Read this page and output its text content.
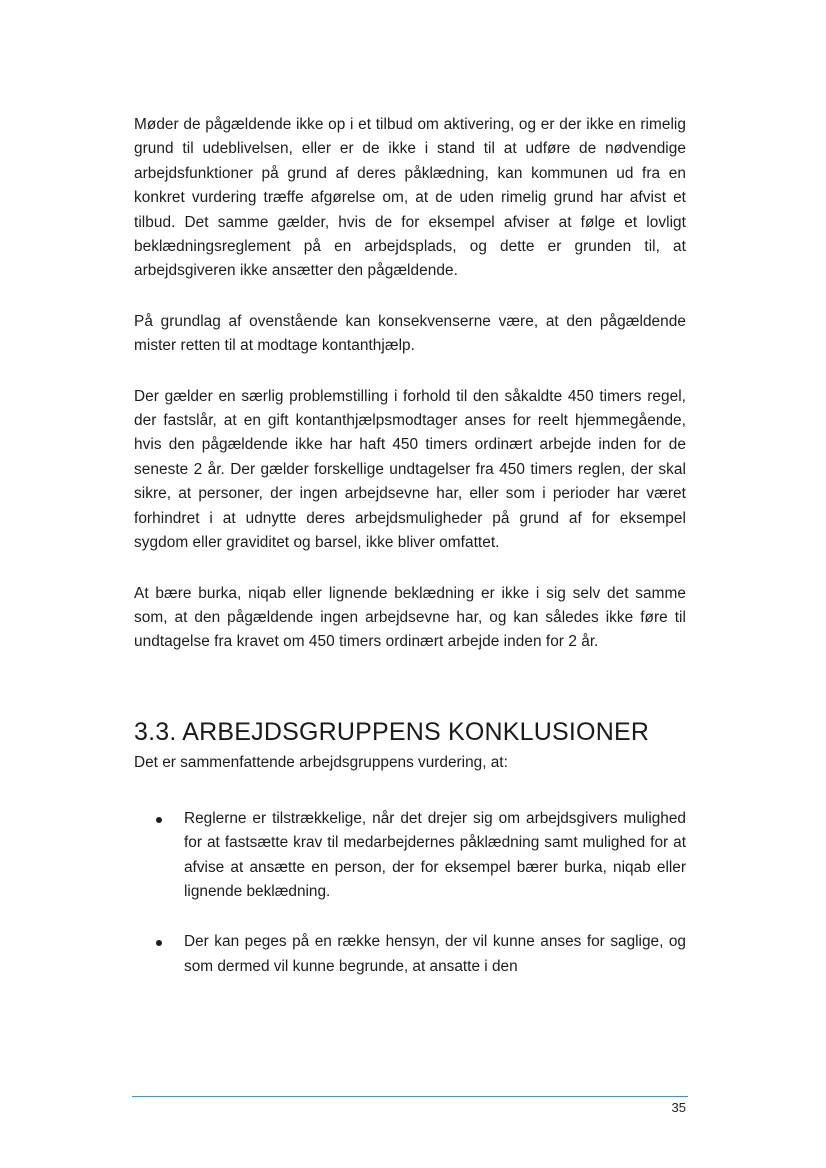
Møder de pågældende ikke op i et tilbud om aktivering, og er der ikke en rimelig grund til udeblivelsen, eller er de ikke i stand til at udføre de nødvendige arbejdsfunktioner på grund af deres påklædning, kan kommunen ud fra en konkret vurdering træffe afgørelse om, at de uden rimelig grund har afvist et tilbud. Det samme gælder, hvis de for eksempel afviser at følge et lovligt beklædningsreglement på en arbejdsplads, og dette er grunden til, at arbejdsgiveren ikke ansætter den pågældende.

På grundlag af ovenstående kan konsekvenserne være, at den pågældende mister retten til at modtage kontanthjælp.

Der gælder en særlig problemstilling i forhold til den såkaldte 450 timers regel, der fastslår, at en gift kontanthjælpsmodtager anses for reelt hjemmegående, hvis den pågældende ikke har haft 450 timers ordinært arbejde inden for de seneste 2 år. Der gælder forskellige undtagelser fra 450 timers reglen, der skal sikre, at personer, der ingen arbejdsevne har, eller som i perioder har været forhindret i at udnytte deres arbejdsmuligheder på grund af for eksempel sygdom eller graviditet og barsel, ikke bliver omfattet.

At bære burka, niqab eller lignende beklædning er ikke i sig selv det samme som, at den pågældende ingen arbejdsevne har, og kan således ikke føre til undtagelse fra kravet om 450 timers ordinært arbejde inden for 2 år.

3.3. ARBEJDSGRUPPENS KONKLUSIONER

Det er sammenfattende arbejdsgruppens vurdering, at:

Reglerne er tilstrækkelige, når det drejer sig om arbejdsgivers mulighed for at fastsætte krav til medarbejdernes påklædning samt mulighed for at afvise at ansætte en person, der for eksempel bærer burka, niqab eller lignende beklædning.
Der kan peges på en række hensyn, der vil kunne anses for saglige, og som dermed vil kunne begrunde, at ansatte i den
35
